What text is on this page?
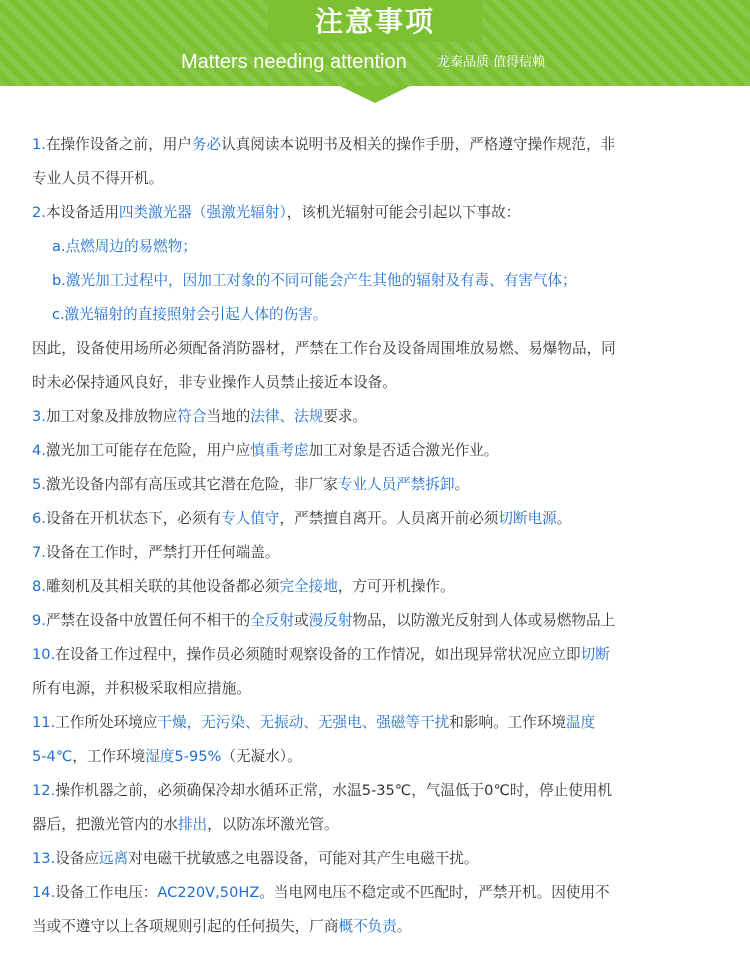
注意事项
Matters needing attention 龙泰品质 值得信赖
1.在操作设备之前，用户务必认真阅读本说明书及相关的操作手册，严格遵守操作规范，非
专业人员不得开机。
2.本设备适用四类激光器（强激光辐射），该机光辐射可能会引起以下事故：
a.点燃周边的易燃物；
b.激光加工过程中，因加工对象的不同可能会产生其他的辐射及有毒、有害气体；
c.激光辐射的直接照射会引起人体的伤害。
因此，设备使用场所必须配备消防器材，严禁在工作台及设备周围堆放易燃、易爆物品，同
时未必保持通风良好，非专业操作人员禁止接近本设备。
3.加工对象及排放物应符合当地的法律、法规要求。
4.激光加工可能存在危险，用户应慎重考虑加工对象是否适合激光作业。
5.激光设备内部有高压或其它潜在危险，非厂家专业人员严禁拆卸。
6.设备在开机状态下，必须有专人值守，严禁擅自离开。人员离开前必须切断电源。
7.设备在工作时，严禁打开任何端盖。
8.雕刻机及其相关联的其他设备都必须完全接地，方可开机操作。
9.严禁在设备中放置任何不相干的全反射或漫反射物品，以防激光反射到人体或易燃物品上
10.在设备工作过程中，操作员必须随时观察设备的工作情况，如出现异常状况应立即切断
所有电源，并积极采取相应措施。
11.工作所处环境应干燥，无污染、无振动、无强电、强磁等干扰和影响。工作环境温度
5-4℃，工作环境湿度5-95%（无凝水）。
12.操作机器之前，必须确保冷却水循环正常，水温5-35℃，气温低于0℃时，停止使用机
器后，把激光管内的水排出，以防冻坏激光管。
13.设备应远离对电磁干扰敏感之电器设备，可能对其产生电磁干扰。
14.设备工作电压：AC220V,50HZ。当电网电压不稳定或不匹配时，严禁开机。因使用不
当或不遵守以上各项规则引起的任何损失，厂商概不负责。
